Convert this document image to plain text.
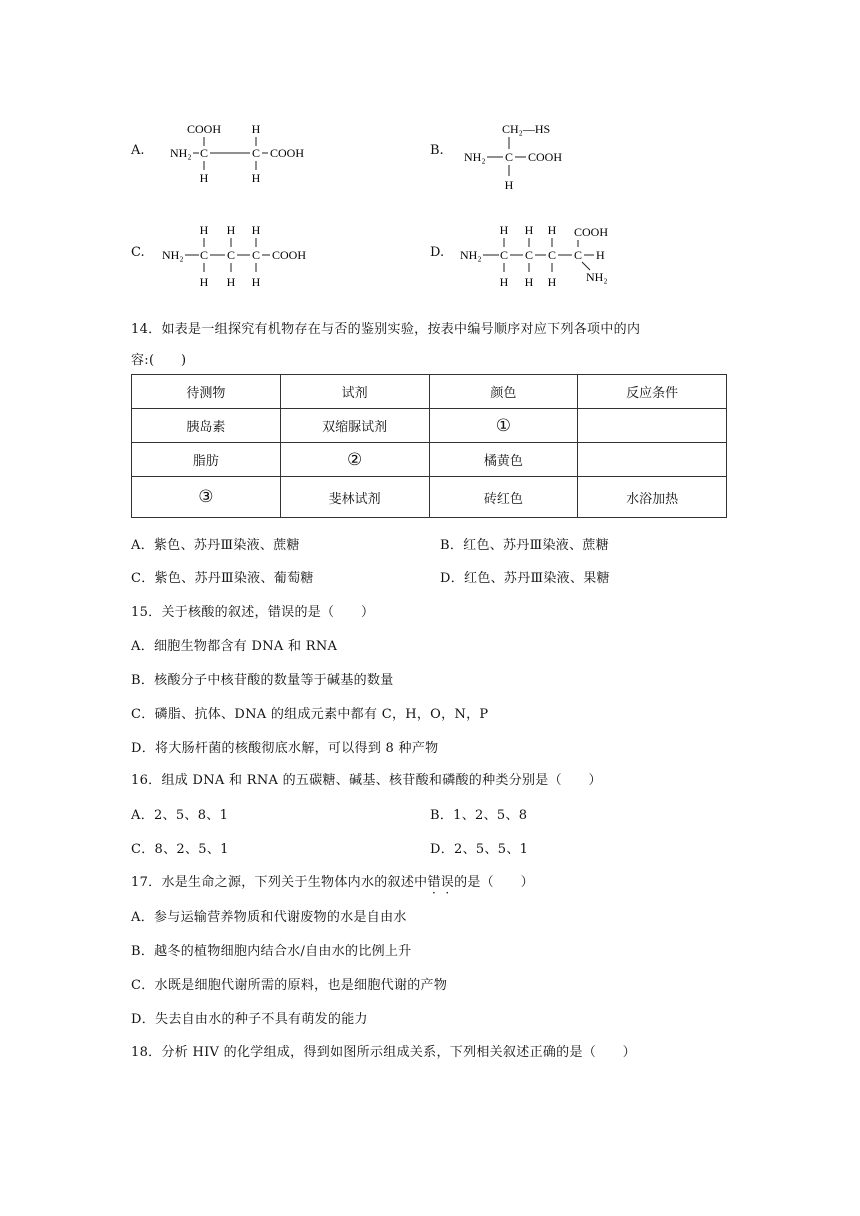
A.
COOH	H
NH₂ C	C COOH
H	H
B.
CH₂—HS
NH₂ C COOH
H
C.
H H H
NH₂ C C C COOH
H H H
D.
H H H COOH
NH₂ C C C C H
H H H NH₂
14．如表是一组探究有机物存在与否的鉴别实验，按表中编号顺序对应下列各项中的内
容:(　　)
待测物	试剂	颜色	反应条件
胰岛素	双缩脲试剂	①	
脂肪	②	橘黄色	
③	斐林试剂	砖红色	水浴加热
A．紫色、苏丹Ⅲ染液、蔗糖	B．红色、苏丹Ⅲ染液、蔗糖
C．紫色、苏丹Ⅲ染液、葡萄糖	D．红色、苏丹Ⅲ染液、果糖
15．关于核酸的叙述，错误的是（　　）
A．细胞生物都含有 DNA 和 RNA
B．核酸分子中核苷酸的数量等于碱基的数量
C．磷脂、抗体、DNA 的组成元素中都有 C，H，O，N，P
D．将大肠杆菌的核酸彻底水解，可以得到 8 种产物
16．组成 DNA 和 RNA 的五碳糖、碱基、核苷酸和磷酸的种类分别是（　　）
A．2、5、8、1	B．1、2、5、8
C．8、2、5、1	D．2、5、5、1
17．水是生命之源，下列关于生物体内水的叙述中错误的是（　　）
A．参与运输营养物质和代谢废物的水是自由水
B．越冬的植物细胞内结合水/自由水的比例上升
C．水既是细胞代谢所需的原料，也是细胞代谢的产物
D．失去自由水的种子不具有萌发的能力
18．分析 HIV 的化学组成，得到如图所示组成关系，下列相关叙述正确的是（　　）
